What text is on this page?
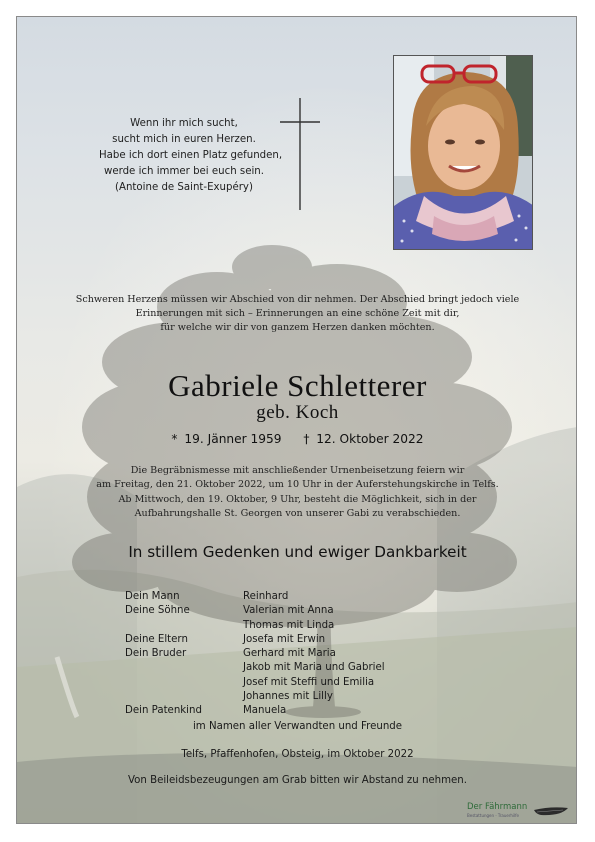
Wenn ihr mich sucht,
sucht mich in euren Herzen.
Habe ich dort einen Platz gefunden,
werde ich immer bei euch sein.
(Antoine de Saint-Exupéry)
Schweren Herzens müssen wir Abschied von dir nehmen. Der Abschied bringt jedoch viele
Erinnerungen mit sich – Erinnerungen an eine schöne Zeit mit dir,
für welche wir dir von ganzem Herzen danken möchten.
Gabriele Schletterer
geb. Koch
* 19. Jänner 1959 † 12. Oktober 2022
Die Begräbnismesse mit anschließender Urnenbeisetzung feiern wir
am Freitag, den 21. Oktober 2022, um 10 Uhr in der Auferstehungskirche in Telfs.
Ab Mittwoch, den 19. Oktober, 9 Uhr, besteht die Möglichkeit, sich in der
Aufbahrungshalle St. Georgen von unserer Gabi zu verabschieden.
In stillem Gedenken und ewiger Dankbarkeit
Dein Mann	Reinhard
Deine Söhne	Valerian mit Anna
Thomas mit Linda
Deine Eltern	Josefa mit Erwin
Dein Bruder	Gerhard mit Maria
Jakob mit Maria und Gabriel
Josef mit Steffi und Emilia
Johannes mit Lilly
Dein Patenkind	Manuela
im Namen aller Verwandten und Freunde
Telfs, Pfaffenhofen, Obsteig, im Oktober 2022
Von Beileidsbezeugungen am Grab bitten wir Abstand zu nehmen.
Der Fährmann
Bestattungen · Trauerhilfe
